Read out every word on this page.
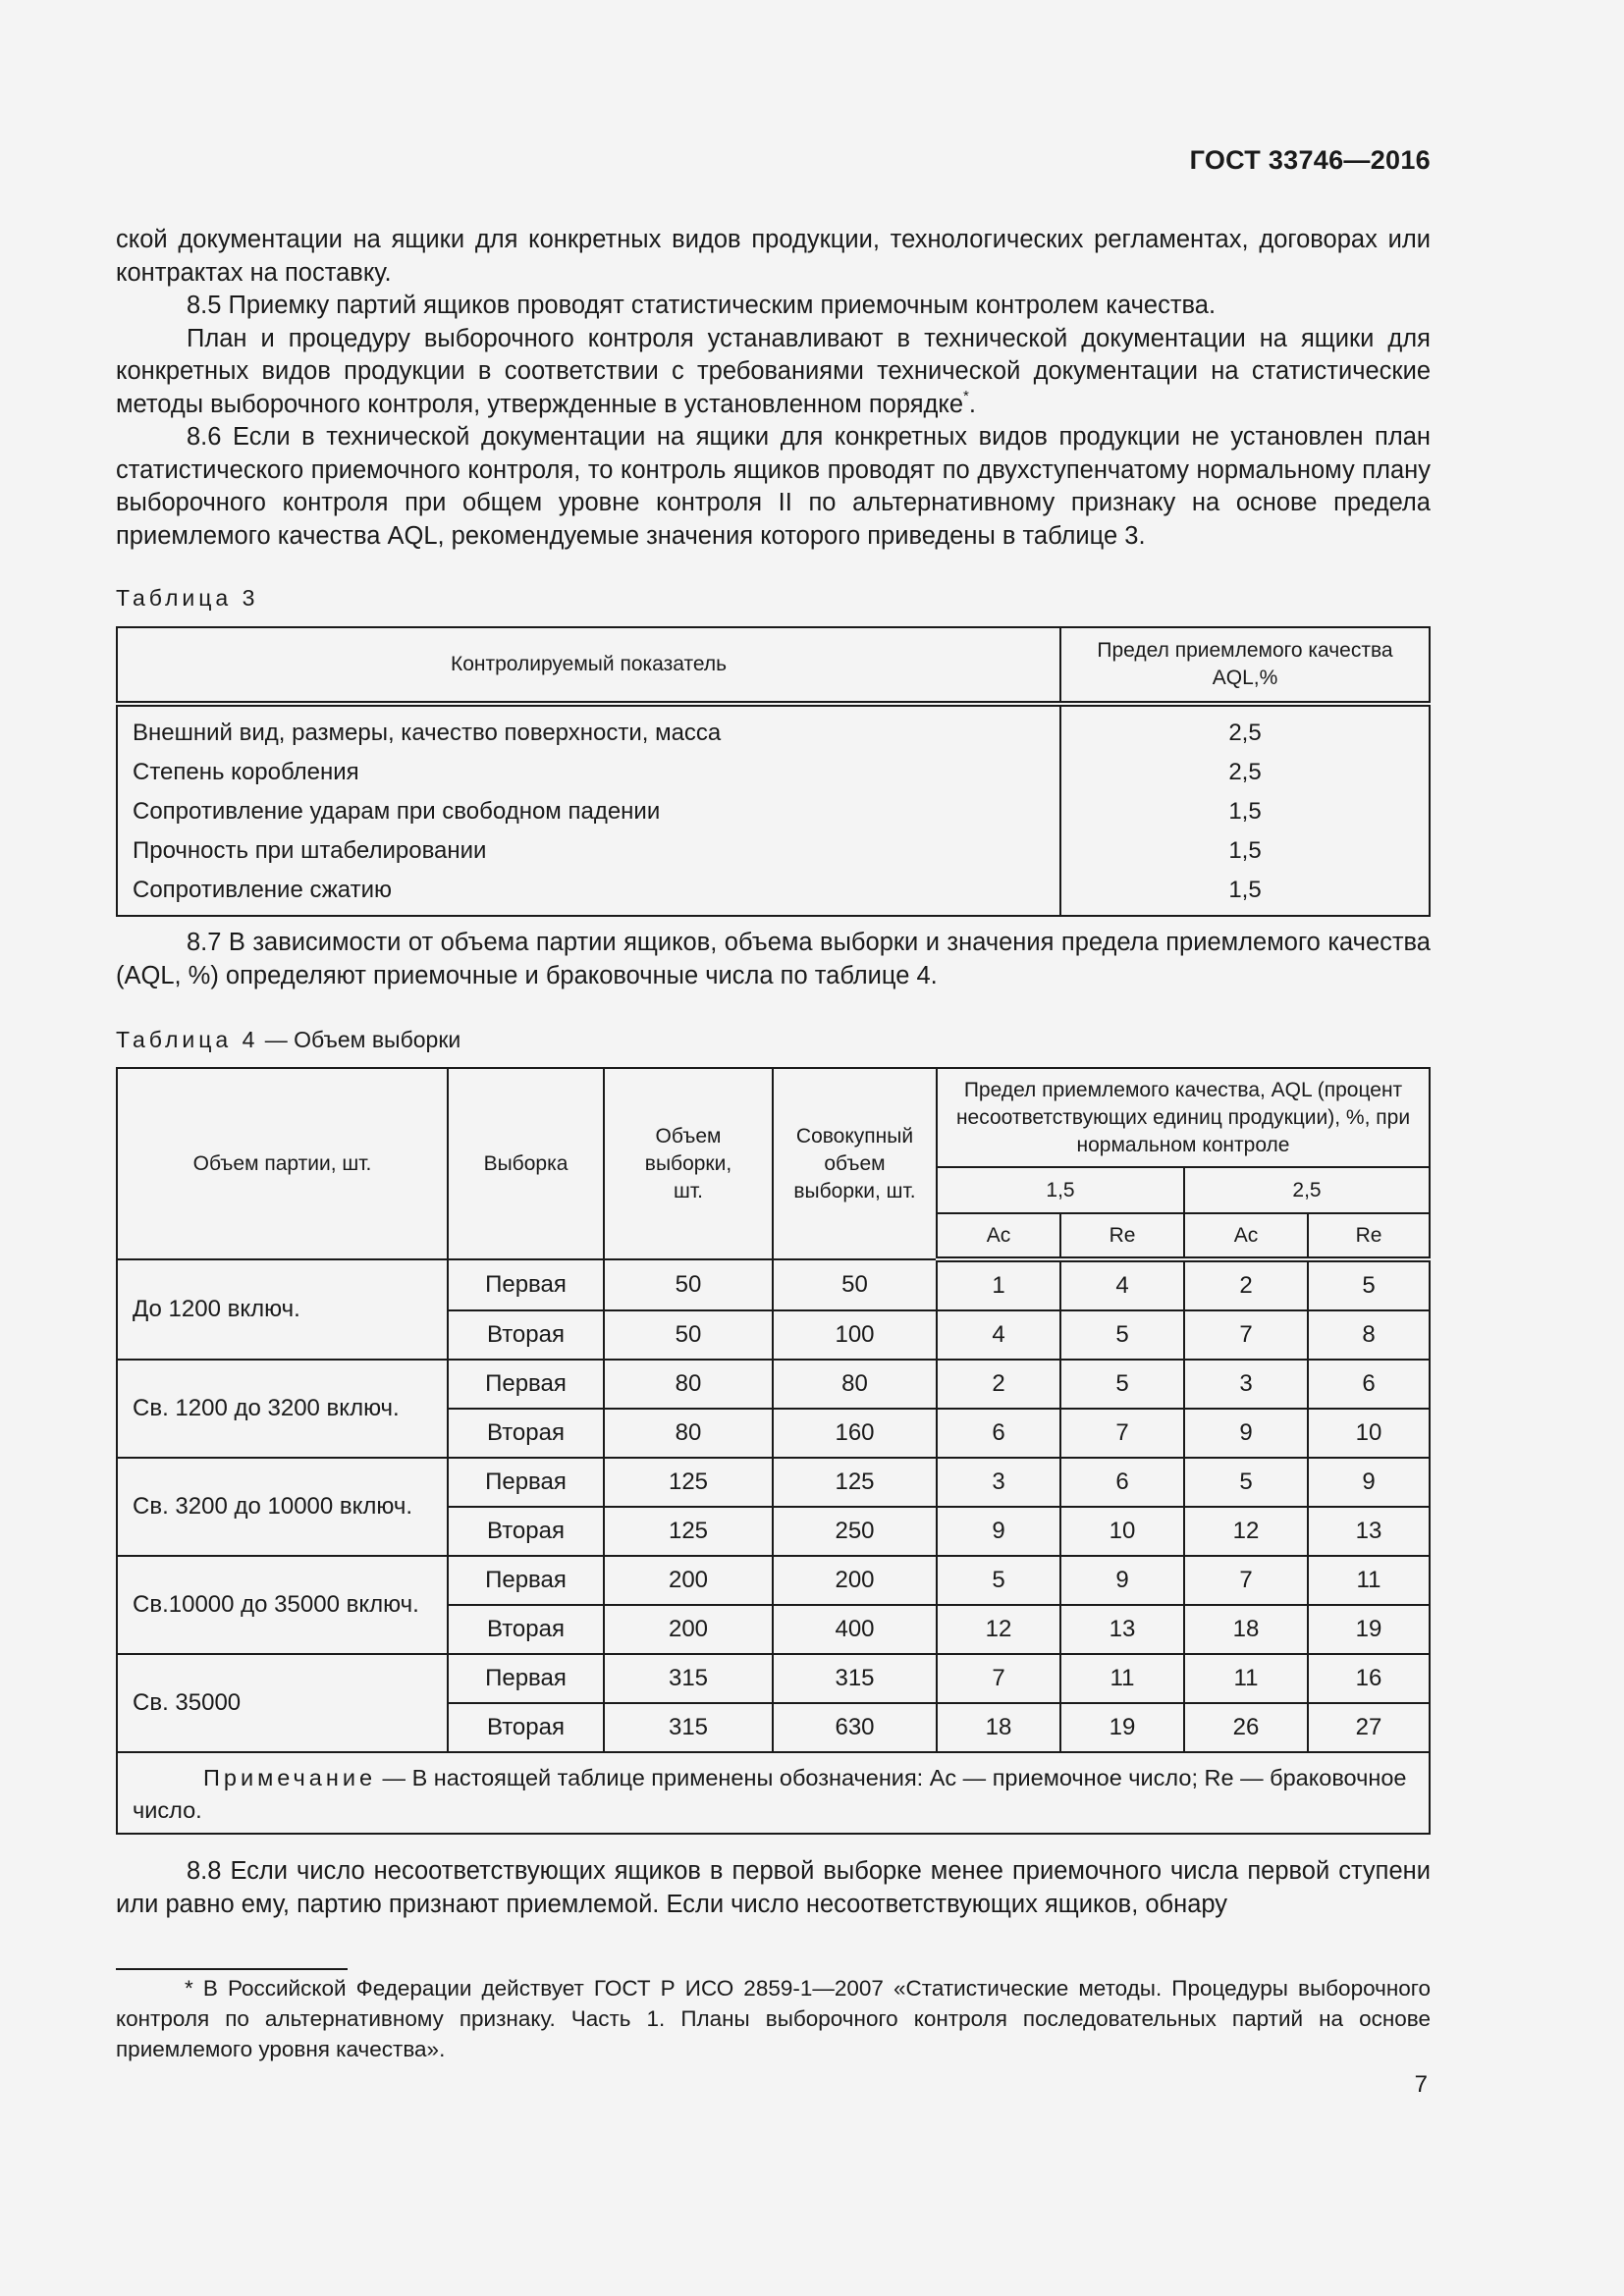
ГОСТ 33746—2016

ской документации на ящики для конкретных видов продукции, технологических регламентах, договорах или контрактах на поставку.

8.5 Приемку партий ящиков проводят статистическим приемочным контролем качества.

План и процедуру выборочного контроля устанавливают в технической документации на ящики для конкретных видов продукции в соответствии с требованиями технической документации на статистические методы выборочного контроля, утвержденные в установленном порядке*.

8.6 Если в технической документации на ящики для конкретных видов продукции не установлен план статистического приемочного контроля, то контроль ящиков проводят по двухступенчатому нормальному плану выборочного контроля при общем уровне контроля II по альтернативному признаку на основе предела приемлемого качества AQL, рекомендуемые значения которого приведены в таблице 3.

Таблица 3
Контролируемый показатель	Предел приемлемого качества AQL,%
Внешний вид, размеры, качество поверхности, масса	2,5
Степень коробления	2,5
Сопротивление ударам при свободном падении	1,5
Прочность при штабелировании	1,5
Сопротивление сжатию	1,5

8.7 В зависимости от объема партии ящиков, объема выборки и значения предела приемлемого качества (AQL, %) определяют приемочные и браковочные числа по таблице 4.

Таблица 4 — Объем выборки
Объем партии, шт.	Выборка	Объем выборки, шт.	Совокупный объем выборки, шт.	Предел приемлемого качества, AQL (процент несоответствующих единиц продукции), %, при нормальном контроле			
				1,5		2,5	
				Ac	Re	Ac	Re
До 1200 включ.	Первая	50	50	1	4	2	5
	Вторая	50	100	4	5	7	8
Св. 1200 до 3200 включ.	Первая	80	80	2	5	3	6
	Вторая	80	160	6	7	9	10
Св. 3200 до 10000 включ.	Первая	125	125	3	6	5	9
	Вторая	125	250	9	10	12	13
Св.10000 до 35000 включ.	Первая	200	200	5	9	7	11
	Вторая	200	400	12	13	18	19
Св. 35000	Первая	315	315	7	11	11	16
	Вторая	315	630	18	19	26	27
Примечание — В настоящей таблице применены обозначения: Ac — приемочное число; Re — браковочное число.							

8.8 Если число несоответствующих ящиков в первой выборке менее приемочного числа первой ступени или равно ему, партию признают приемлемой. Если число несоответствующих ящиков, обнару

* В Российской Федерации действует ГОСТ Р ИСО 2859-1—2007 «Статистические методы. Процедуры выборочного контроля по альтернативному признаку. Часть 1. Планы выборочного контроля последовательных партий на основе приемлемого уровня качества».
7
